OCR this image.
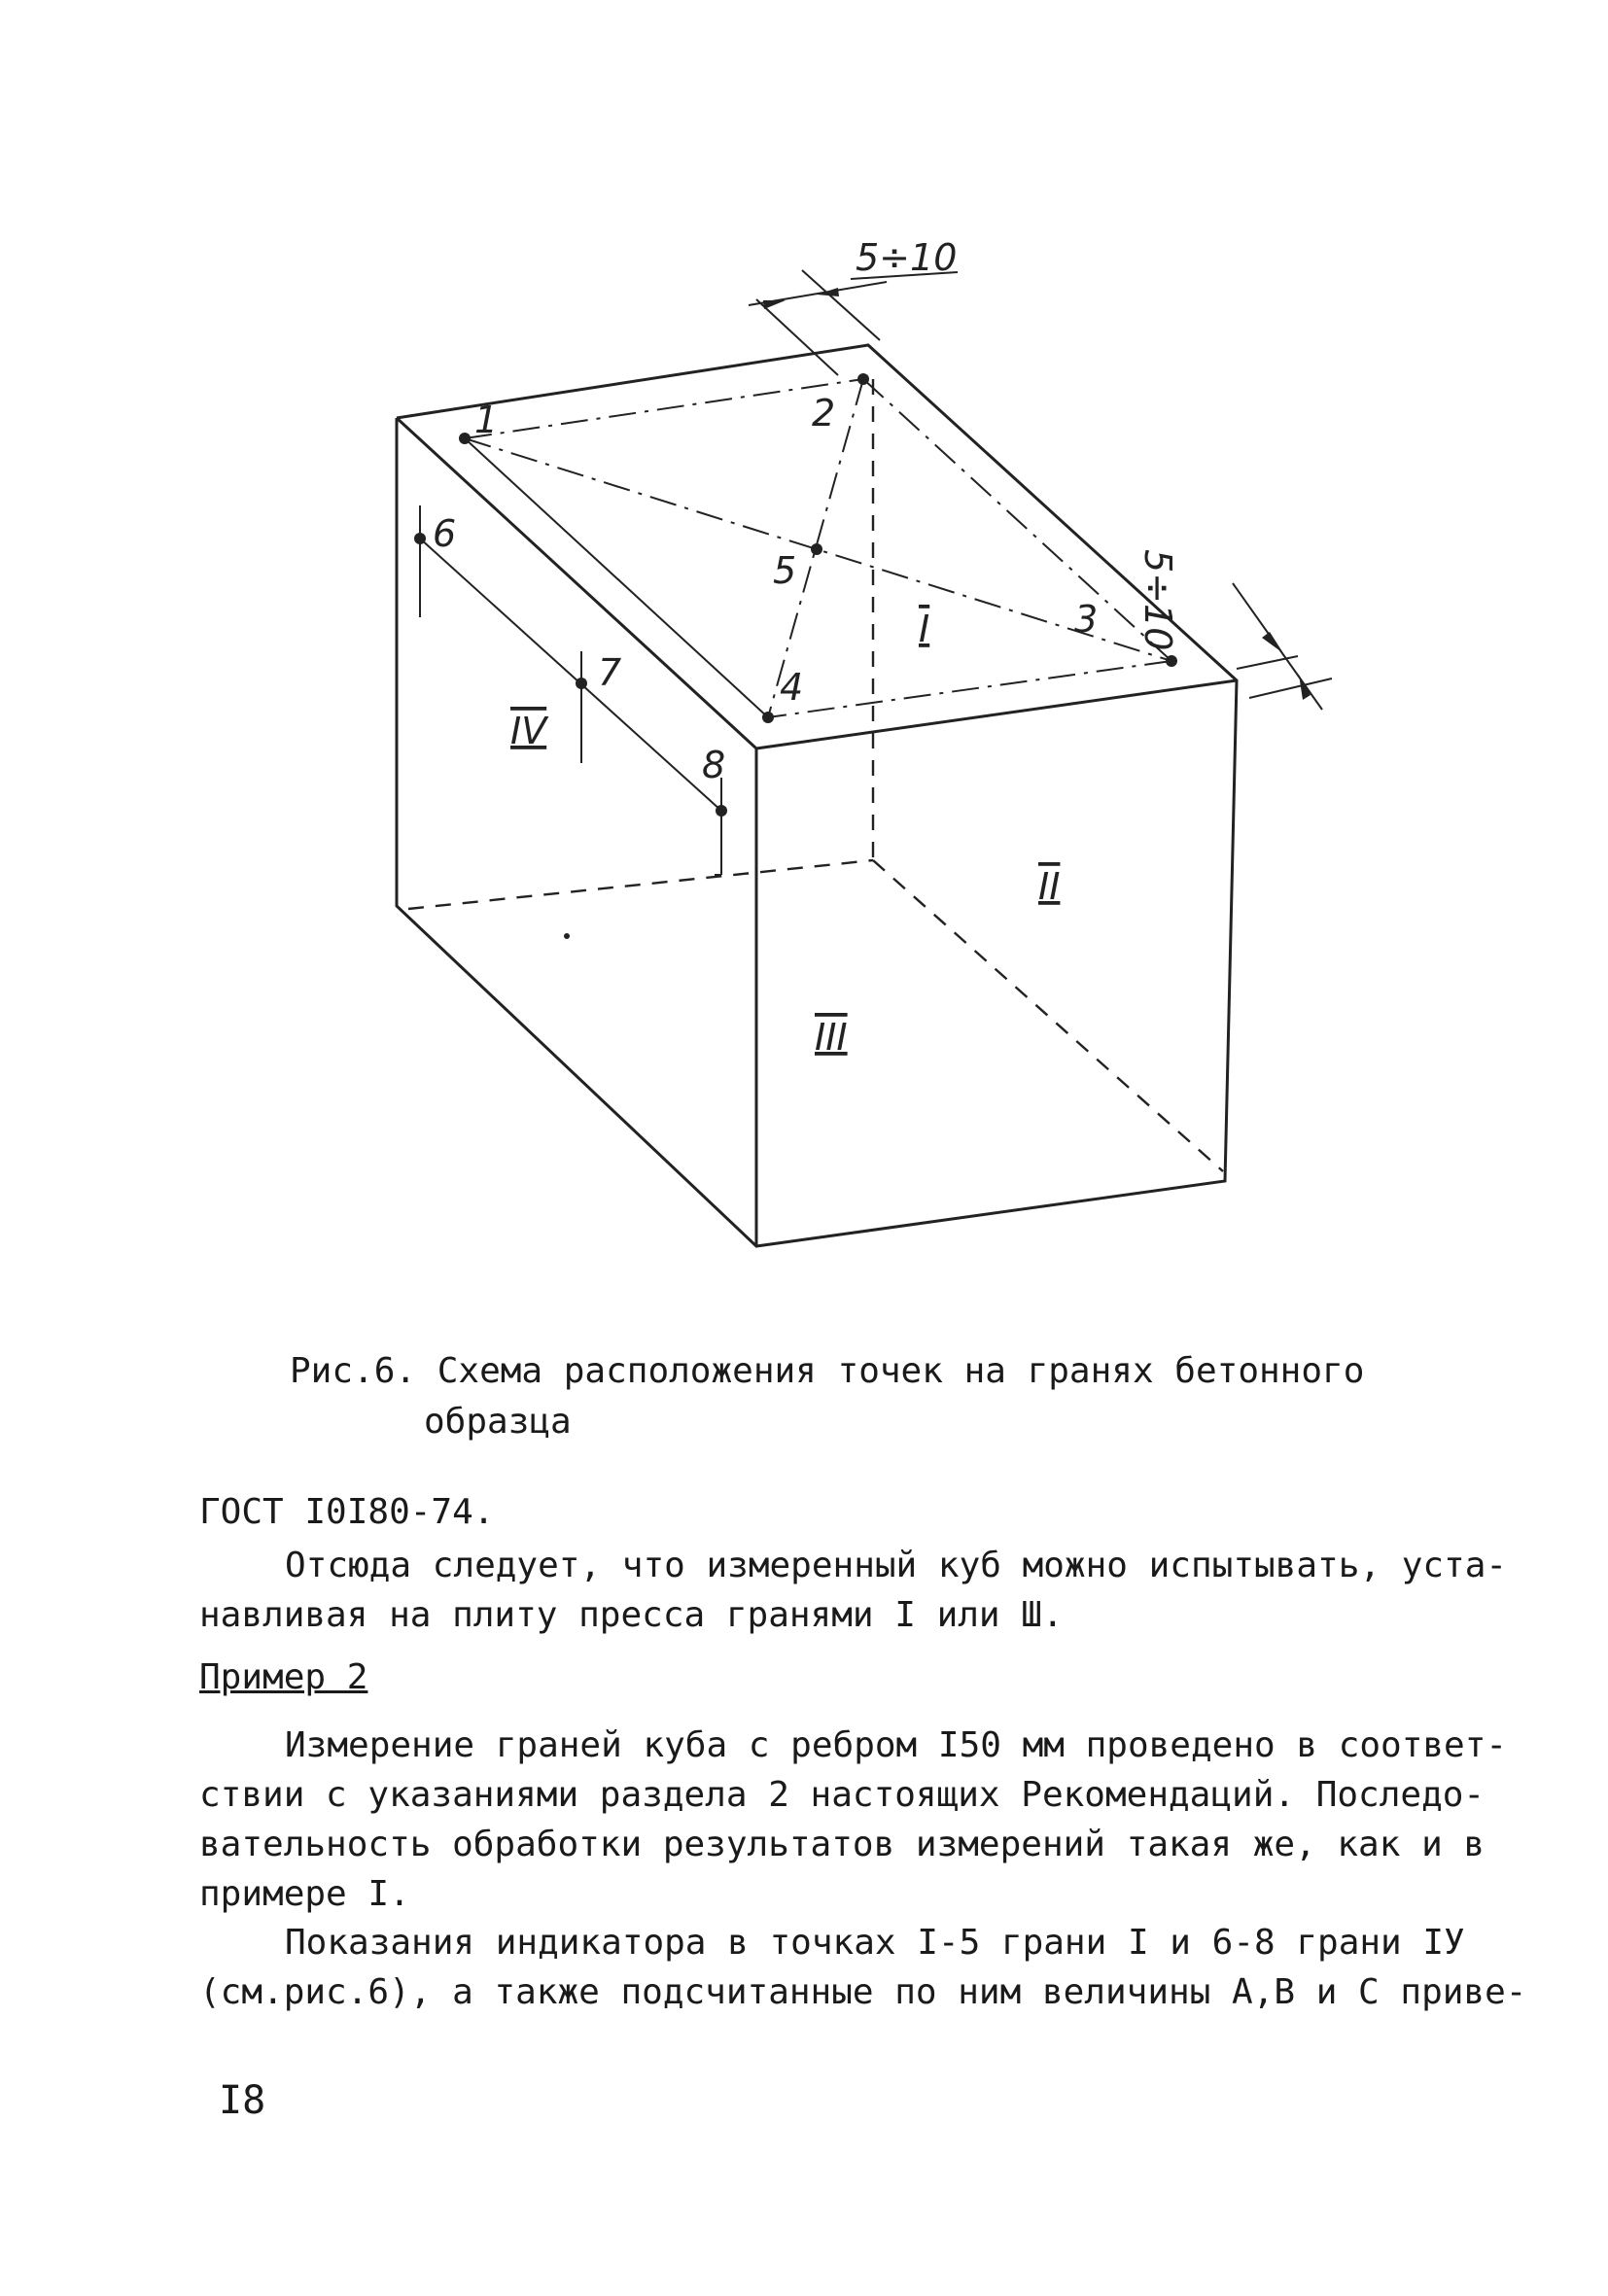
5÷10
5÷10
1	2
3
4
5
6
7
8
I
II
III
IV
Рис.6. Схема расположения точек на гранях бетонного
образца
ГОСТ I0I80-74.
Отсюда следует, что измеренный куб можно испытывать, уста-
навливая на плиту пресса гранями I или Ш.
Пример 2
Измерение граней куба с ребром I50 мм проведено в соответ-
ствии с указаниями раздела 2 настоящих Рекомендаций. Последо-
вательность обработки результатов измерений такая же, как и в
примере I.
Показания индикатора в точках I-5 грани I и 6-8 грани IУ
(см.рис.6), а также подсчитанные по ним величины А,В и С приве-
I8
